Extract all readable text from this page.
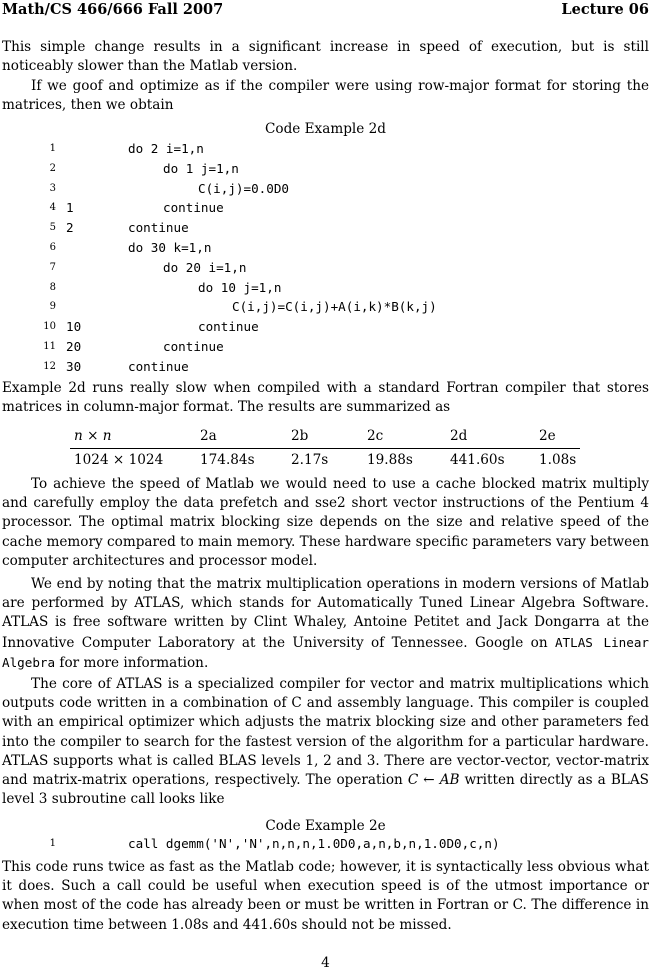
Math/CS 466/666 Fall 2007	Lecture 06

This simple change results in a significant increase in speed of execution, but is still noticeably slower than the Matlab version.

If we goof and optimize as if the compiler were using row-major format for storing the matrices, then we obtain

Code Example 2d

1

	do 2 i=1,n

2

	do 1 j=1,n

3

	C(i,j)=0.0D0

4

1

	continue

5

2

	continue

6

	do 30 k=1,n

7

	do 20 i=1,n

8

	do 10 j=1,n

9

	C(i,j)=C(i,j)+A(i,k)*B(k,j)

10

10

	continue

11

20

	continue

12

30

	continue

Example 2d runs really slow when compiled with a standard Fortran compiler that stores matrices in column-major format. The results are summarized as

n × n	2a	2b	2c	2d	2e
1024 × 1024	174.84s	2.17s	19.88s	441.60s	1.08s

To achieve the speed of Matlab we would need to use a cache blocked matrix multiply and carefully employ the data prefetch and sse2 short vector instructions of the Pentium 4 processor. The optimal matrix blocking size depends on the size and relative speed of the cache memory compared to main memory. These hardware specific parameters vary between computer architectures and processor model.

We end by noting that the matrix multiplication operations in modern versions of Matlab are performed by ATLAS, which stands for Automatically Tuned Linear Algebra Software. ATLAS is free software written by Clint Whaley, Antoine Petitet and Jack Dongarra at the Innovative Computer Laboratory at the University of Tennessee. Google on ATLAS Linear Algebra for more information.

The core of ATLAS is a specialized compiler for vector and matrix multiplications which outputs code written in a combination of C and assembly language. This compiler is coupled with an empirical optimizer which adjusts the matrix blocking size and other parameters fed into the compiler to search for the fastest version of the algorithm for a particular hardware. ATLAS supports what is called BLAS levels 1, 2 and 3. There are vector-vector, vector-matrix and matrix-matrix operations, respectively. The operation C ← AB written directly as a BLAS level 3 subroutine call looks like

Code Example 2e

1

	call dgemm('N','N',n,n,n,1.0D0,a,n,b,n,1.0D0,c,n)

This code runs twice as fast as the Matlab code; however, it is syntactically less obvious what it does. Such a call could be useful when execution speed is of the utmost importance or when most of the code has already been or must be written in Fortran or C. The difference in execution time between 1.08s and 441.60s should not be missed.

4
